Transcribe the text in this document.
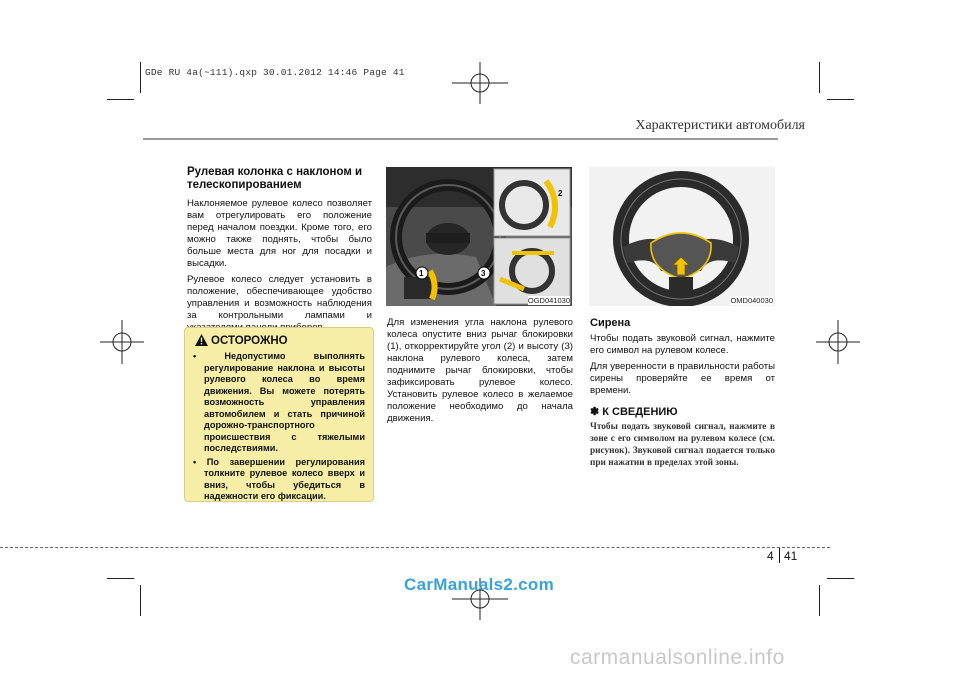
GDe RU 4a(~111).qxp 30.01.2012 14:46 Page 41
Характеристики автомобиля
Рулевая колонка с наклоном и телескопированием

Наклоняемое рулевое колесо позволяет вам отрегулировать его положение перед началом поездки. Кроме того, его можно также поднять, чтобы было больше места для ног для посадки и высадки.

Рулевое колесо следует установить в положение, обеспечивающее удобство управления и возможность наблюдения за контрольными лампами и

ОСТОРОЖНО
• Недопустимо выполнять регулирование наклона и высоты рулевого колеса во время движения. Вы можете потерять возможность управления автомобилем и стать причиной дорожно-транспортного происшествия с тяжелыми последствиями.
• По завершении регулирования толкните рулевое колесо вверх и вниз, чтобы убедиться в надежности его фиксации.
1
2
3
OGD041030

Для изменения угла наклона рулевого колеса опустите вниз рычаг блокировки (1), откорректируйте угол (2) и высоту (3) наклона рулевого колеса, затем поднимите рычаг блокировки, чтобы зафиксировать рулевое колесо. Установить рулевое колесо в желаемое положение необходимо до начала движения.

OMD040030
Сирена

Чтобы подать звуковой сигнал, нажмите его символ на рулевом колесе.

Для уверенности в правильности работы сирены проверяйте ее время от времени.

✽ К СВЕДЕНИЮ
Чтобы подать звуковой сигнал, нажмите в зоне с его символом на рулевом колесе (см. рисунок). Звуковой сигнал подается только при нажатии в пределах этой зоны.
4 41
CarManuals2.com
carmanualsonline.info
